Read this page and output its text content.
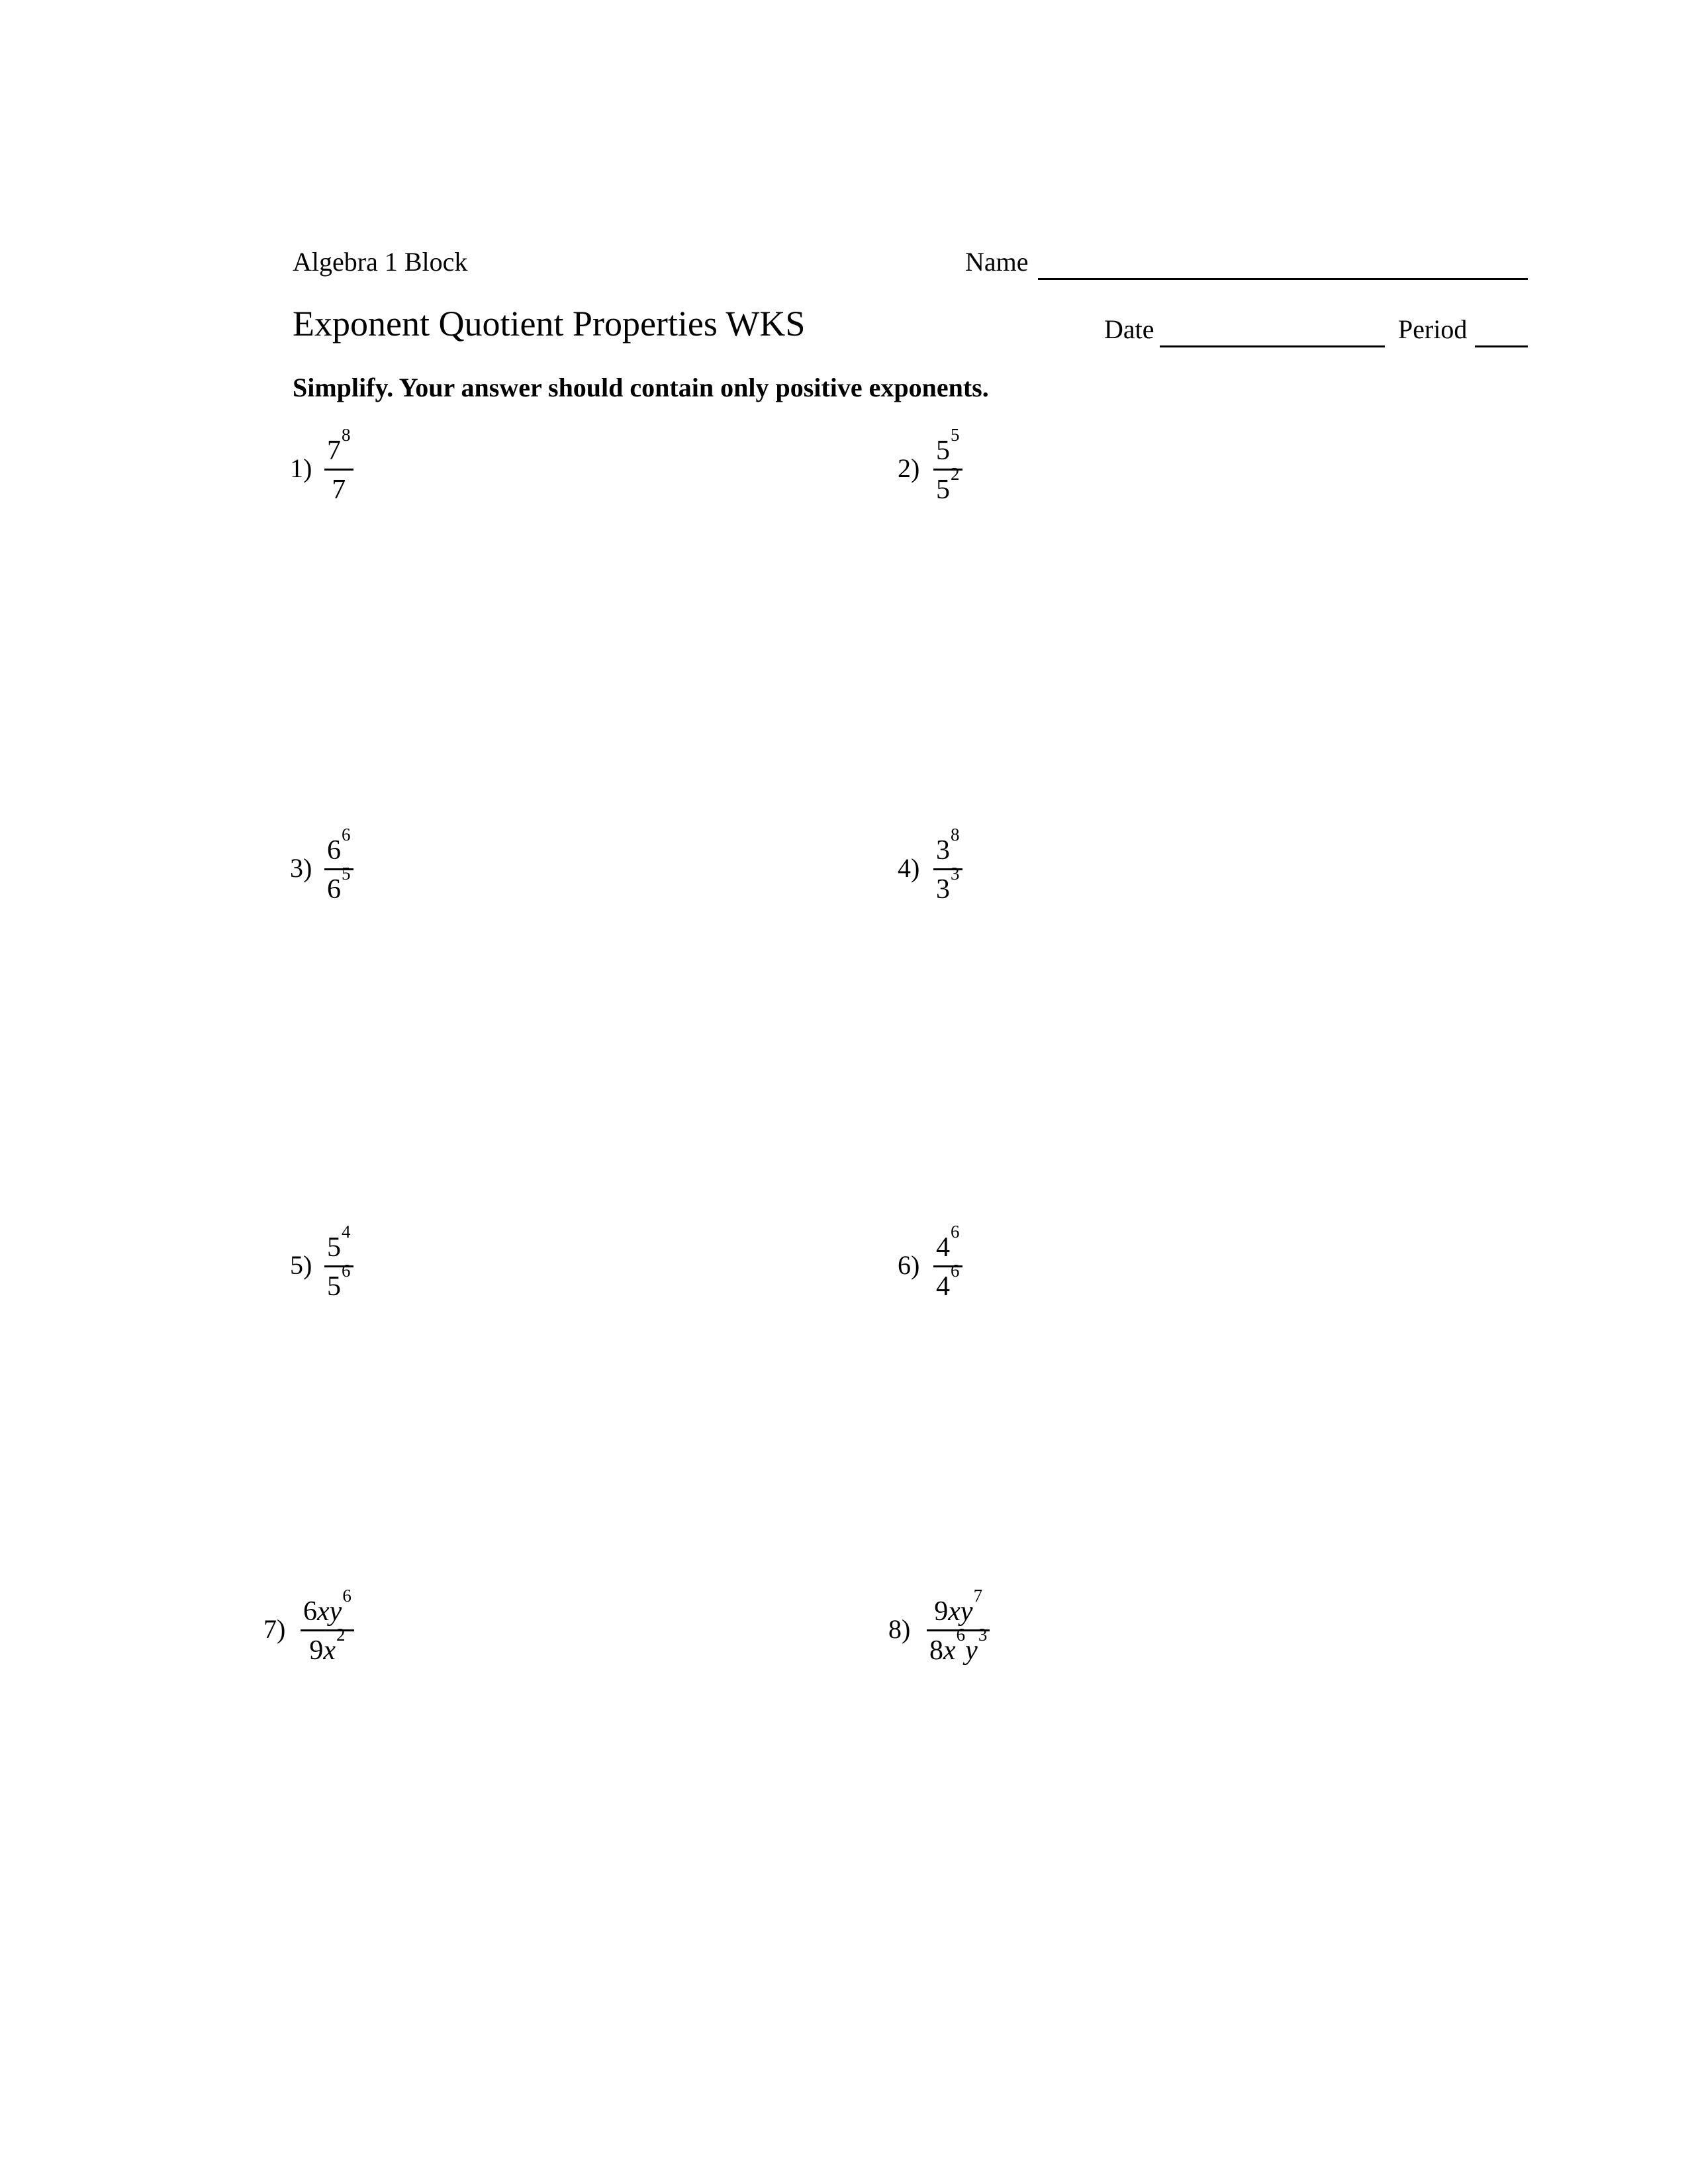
Algebra 1 Block
Exponent Quotient Properties WKS
Name
Date	Period
Simplify. Your answer should contain only positive exponents.
1)
7
8
7
2)
5
5
5
2
3)
6
6
6
5	4)
3
8
3
3
5)
5
4
5
6	6)
4
6
4
6
7)
6 x y
6
9 x
2	8)
9 x y
7
8 x
6
y
3
